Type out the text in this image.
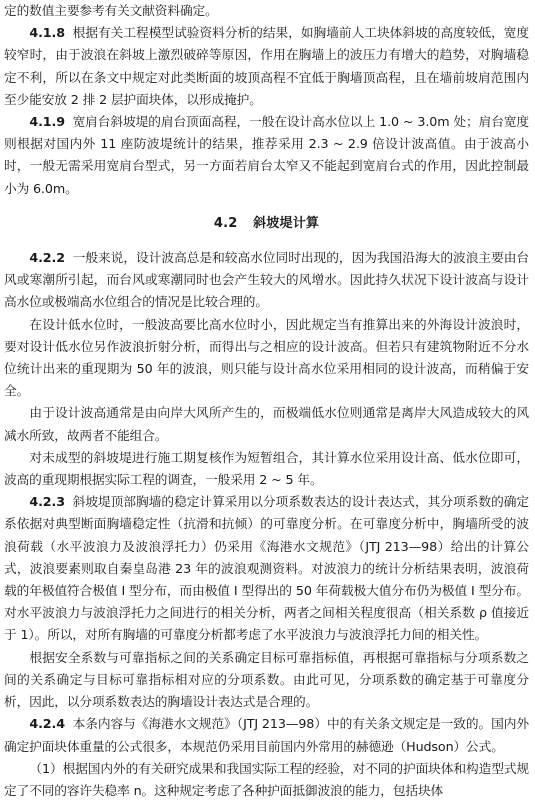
定的数值主要参考有关文献资料确定。

4.1.8 根据有关工程模型试验资料分析的结果，如胸墙前人工块体斜坡的高度较低，宽度较窄时，由于波浪在斜坡上激烈破碎等原因，作用在胸墙上的波压力有增大的趋势，对胸墙稳定不利，所以在条文中规定对此类断面的坡顶高程不宜低于胸墙顶高程，且在墙前坡肩范围内至少能安放 2 排 2 层护面块体，以形成掩护。

4.1.9 宽肩台斜坡堤的肩台顶面高程，一般在设计高水位以上 1.0 ~ 3.0m 处；肩台宽度则根据对国内外 11 座防波堤统计的结果，推荐采用 2.3 ~ 2.9 倍设计波高值。由于波高小时，一般无需采用宽肩台型式，另一方面若肩台太窄又不能起到宽肩台式的作用，因此控制最小为 6.0m。

4.2 斜坡堤计算

4.2.2 一般来说，设计波高总是和较高水位同时出现的，因为我国沿海大的波浪主要由台风或寒潮所引起，而台风或寒潮同时也会产生较大的风增水。因此持久状况下设计波高与设计高水位或极端高水位组合的情况是比较合理的。

在设计低水位时，一般波高要比高水位时小，因此规定当有推算出来的外海设计波浪时，要对设计低水位另作波浪折射分析，而得出与之相应的设计波高。但若只有建筑物附近不分水位统计出来的重现期为 50 年的波浪，则只能与设计高水位采用相同的设计波高，而稍偏于安全。

由于设计波高通常是由向岸大风所产生的，而极端低水位则通常是离岸大风造成较大的风减水所致，故两者不能组合。

对未成型的斜坡堤进行施工期复核作为短暂组合，其计算水位采用设计高、低水位即可，波高的重现期根据实际工程的调查，一般采用 2 ~ 5 年。

4.2.3 斜坡堤顶部胸墙的稳定计算采用以分项系数表达的设计表达式，其分项系数的确定系依据对典型断面胸墙稳定性（抗滑和抗倾）的可靠度分析。在可靠度分析中，胸墙所受的波浪荷载（水平波浪力及波浪浮托力）仍采用《海港水文规范》（JTJ 213—98）给出的计算公式，波浪要素则取自秦皇岛港 23 年的波浪观测资料。对波浪力的统计分析结果表明，波浪荷载的年极值符合极值 I 型分布，而由极值 I 型得出的 50 年荷载极大值分布仍为极值 I 型分布。对水平波浪力与波浪浮托力之间进行的相关分析，两者之间相关程度很高（相关系数 ρ 值接近于 1）。所以，对所有胸墙的可靠度分析都考虑了水平波浪力与波浪浮托力间的相关性。

根据安全系数与可靠指标之间的关系确定目标可靠指标值，再根据可靠指标与分项系数之间的关系确定与目标可靠指标相对应的分项系数。由此可见，分项系数的确定基于可靠度分析，因此，以分项系数表达的胸墙设计表达式是合理的。

4.2.4 本条内容与《海港水文规范》（JTJ 213—98）中的有关条文规定是一致的。国内外确定护面块体重量的公式很多，本规范仍采用目前国内外常用的赫德逊（Hudson）公式。

（1）根据国内外的有关研究成果和我国实际工程的经验，对不同的护面块体和构造型式规定了不同的容许失稳率 n。这种规定考虑了各种护面抵御波浪的能力，包括块体
